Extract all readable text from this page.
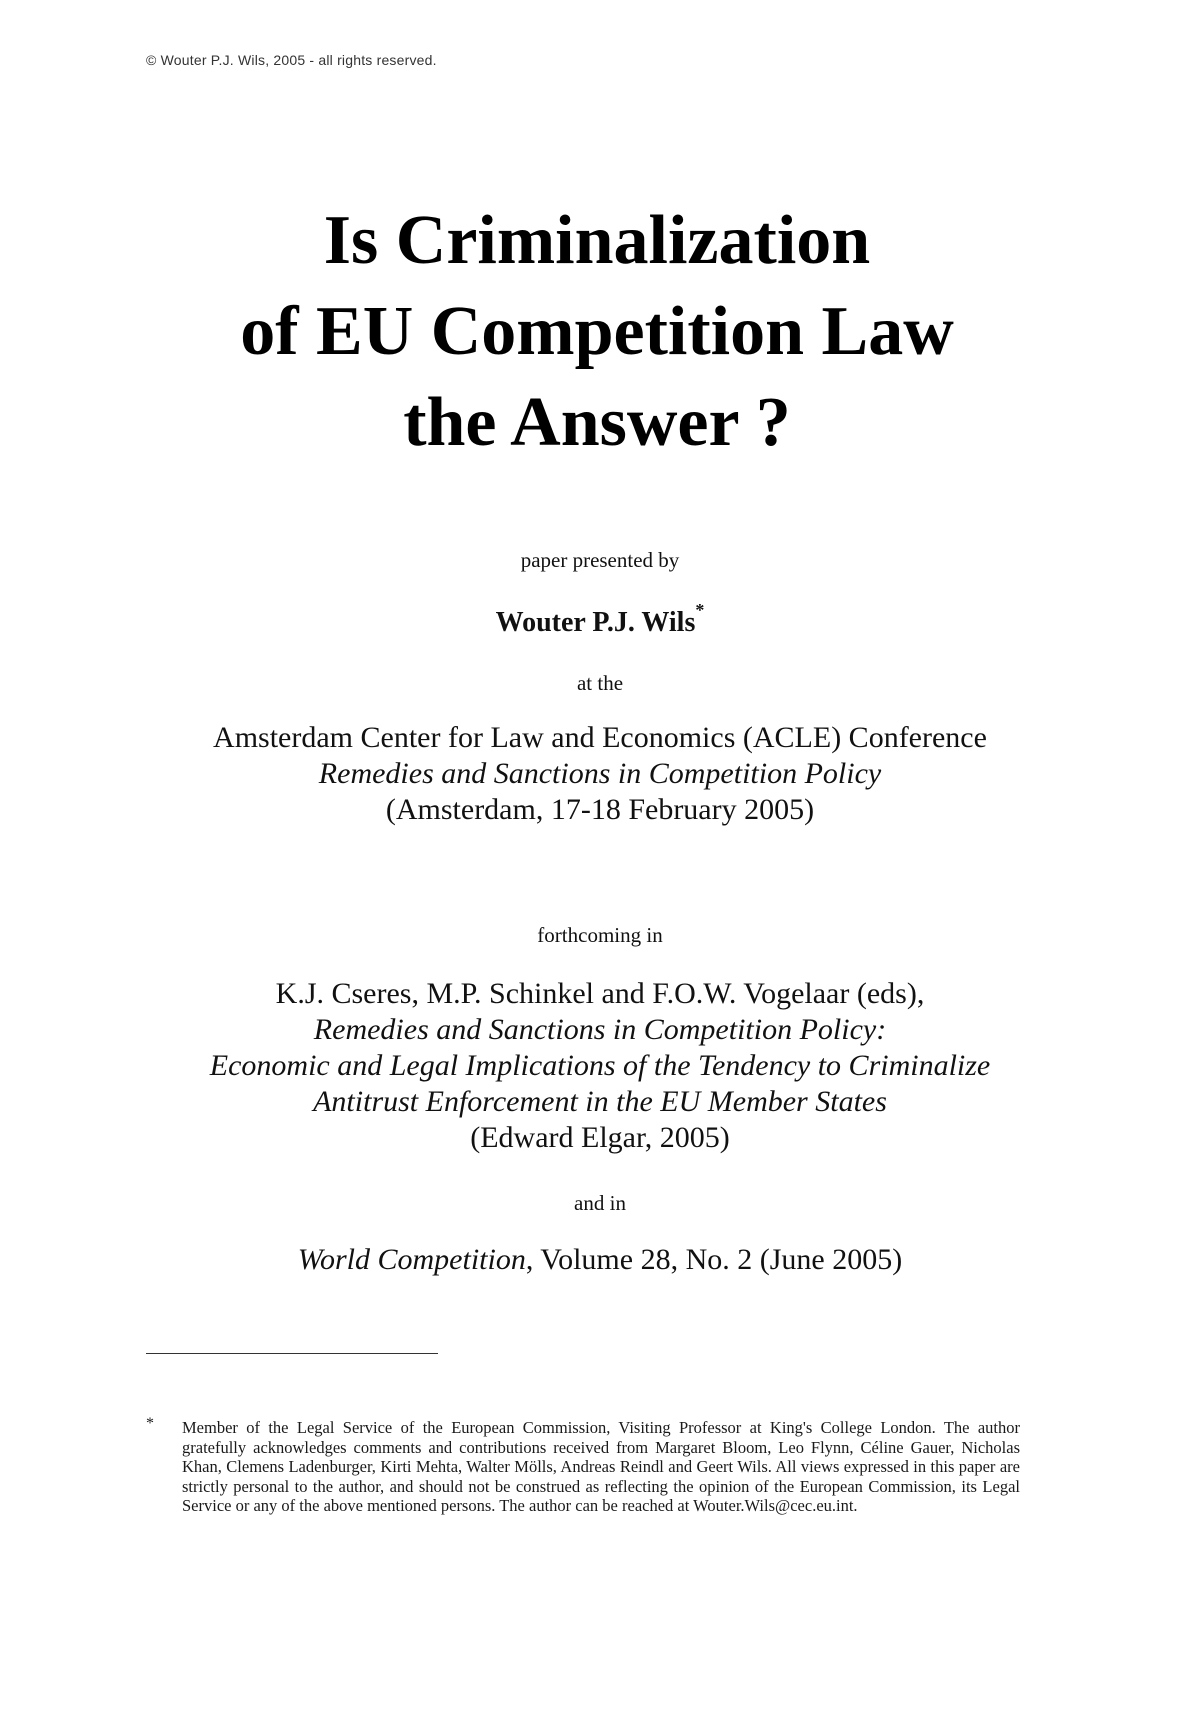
© Wouter P.J. Wils, 2005 - all rights reserved.
Is Criminalization
of EU Competition Law
the Answer ?
paper presented by
Wouter P.J. Wils*
at the
Amsterdam Center for Law and Economics (ACLE) Conference
Remedies and Sanctions in Competition Policy
(Amsterdam, 17-18 February 2005)
forthcoming in
K.J. Cseres, M.P. Schinkel and F.O.W. Vogelaar (eds),
Remedies and Sanctions in Competition Policy:
Economic and Legal Implications of the Tendency to Criminalize
Antitrust Enforcement in the EU Member States
(Edward Elgar, 2005)
and in
World Competition, Volume 28, No. 2 (June 2005)
* Member of the Legal Service of the European Commission, Visiting Professor at King's College London. The author gratefully acknowledges comments and contributions received from Margaret Bloom, Leo Flynn, Céline Gauer, Nicholas Khan, Clemens Ladenburger, Kirti Mehta, Walter Mölls, Andreas Reindl and Geert Wils. All views expressed in this paper are strictly personal to the author, and should not be construed as reflecting the opinion of the European Commission, its Legal Service or any of the above mentioned persons. The author can be reached at Wouter.Wils@cec.eu.int.
